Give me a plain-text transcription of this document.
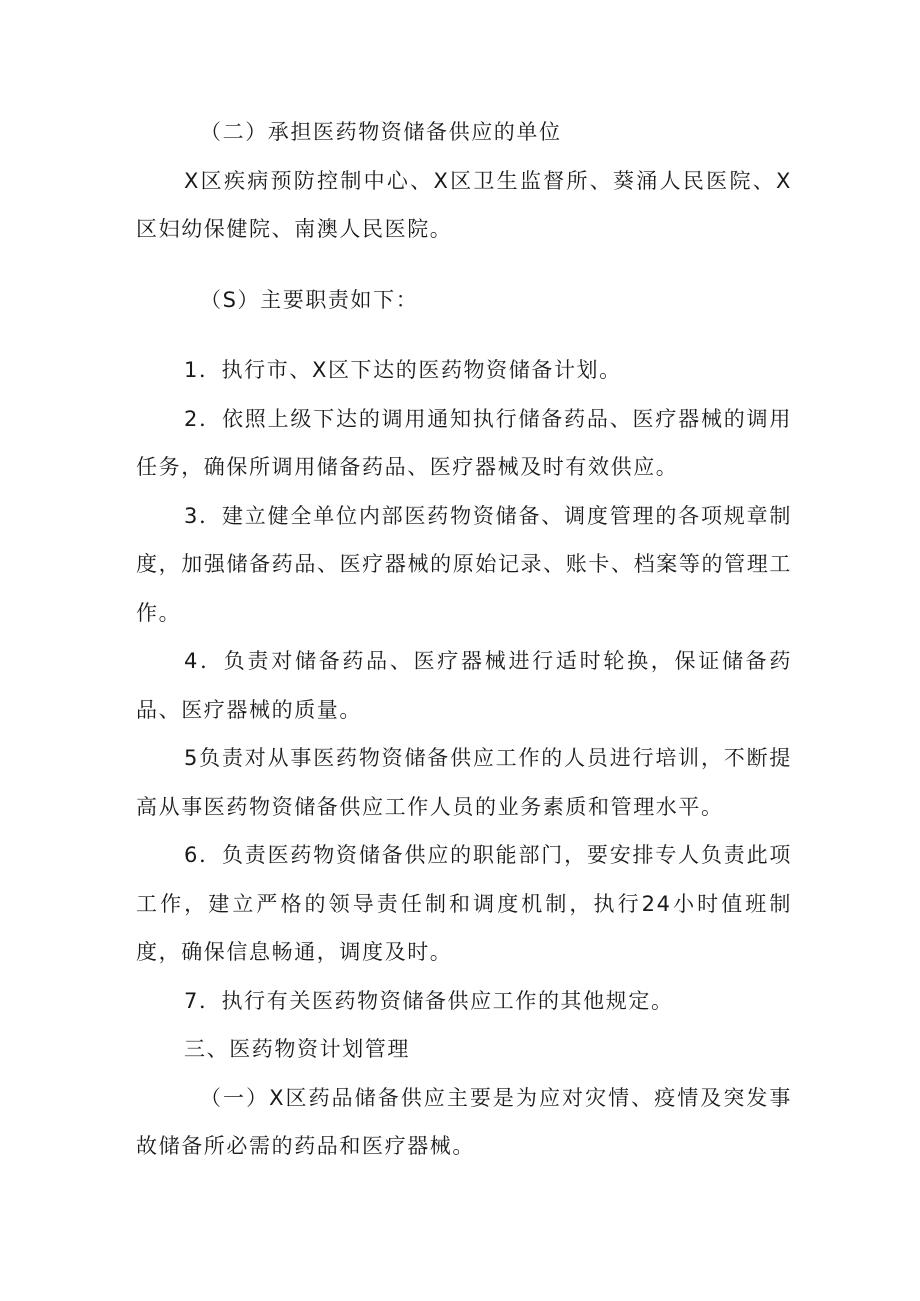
（二）承担医药物资储备供应的单位

X区疾病预防控制中心、X区卫生监督所、葵涌人民医院、X区妇幼保健院、南澳人民医院。

（S）主要职责如下：

1．执行市、X区下达的医药物资储备计划。

2．依照上级下达的调用通知执行储备药品、医疗器械的调用任务，确保所调用储备药品、医疗器械及时有效供应。

3．建立健全单位内部医药物资储备、调度管理的各项规章制度，加强储备药品、医疗器械的原始记录、账卡、档案等的管理工作。

4．负责对储备药品、医疗器械进行适时轮换，保证储备药品、医疗器械的质量。

5负责对从事医药物资储备供应工作的人员进行培训，不断提高从事医药物资储备供应工作人员的业务素质和管理水平。

6．负责医药物资储备供应的职能部门，要安排专人负责此项工作，建立严格的领导责任制和调度机制，执行24小时值班制度，确保信息畅通，调度及时。

7．执行有关医药物资储备供应工作的其他规定。

三、医药物资计划管理

（一）X区药品储备供应主要是为应对灾情、疫情及突发事故储备所必需的药品和医疗器械。
